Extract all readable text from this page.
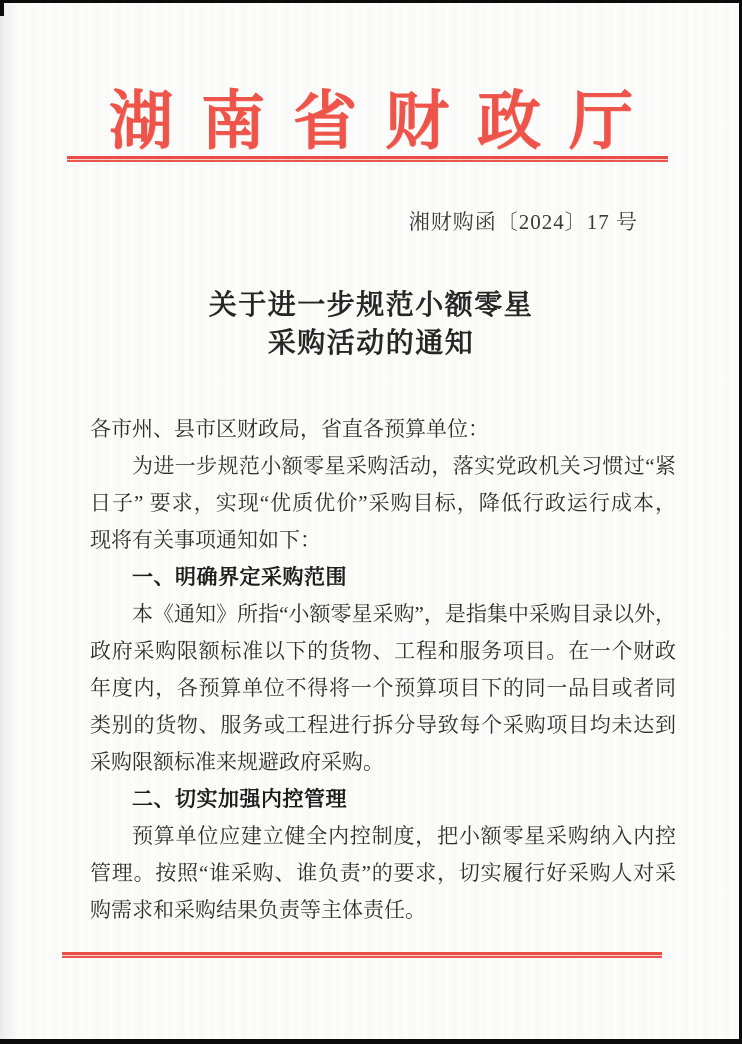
湖南省财政厅
湘财购函〔2024〕17 号
关于进一步规范小额零星
采购活动的通知
各市州、县市区财政局，省直各预算单位：
为进一步规范小额零星采购活动，落实党政机关习惯过“紧
日子” 要求，实现“优质优价”采购目标，降低行政运行成本，
现将有关事项通知如下：
一、明确界定采购范围
本《通知》所指“小额零星采购”，是指集中采购目录以外，
政府采购限额标准以下的货物、工程和服务项目。在一个财政
年度内，各预算单位不得将一个预算项目下的同一品目或者同
类别的货物、服务或工程进行拆分导致每个采购项目均未达到
采购限额标准来规避政府采购。
二、切实加强内控管理
预算单位应建立健全内控制度，把小额零星采购纳入内控
管理。按照“谁采购、谁负责”的要求，切实履行好采购人对采
购需求和采购结果负责等主体责任。
